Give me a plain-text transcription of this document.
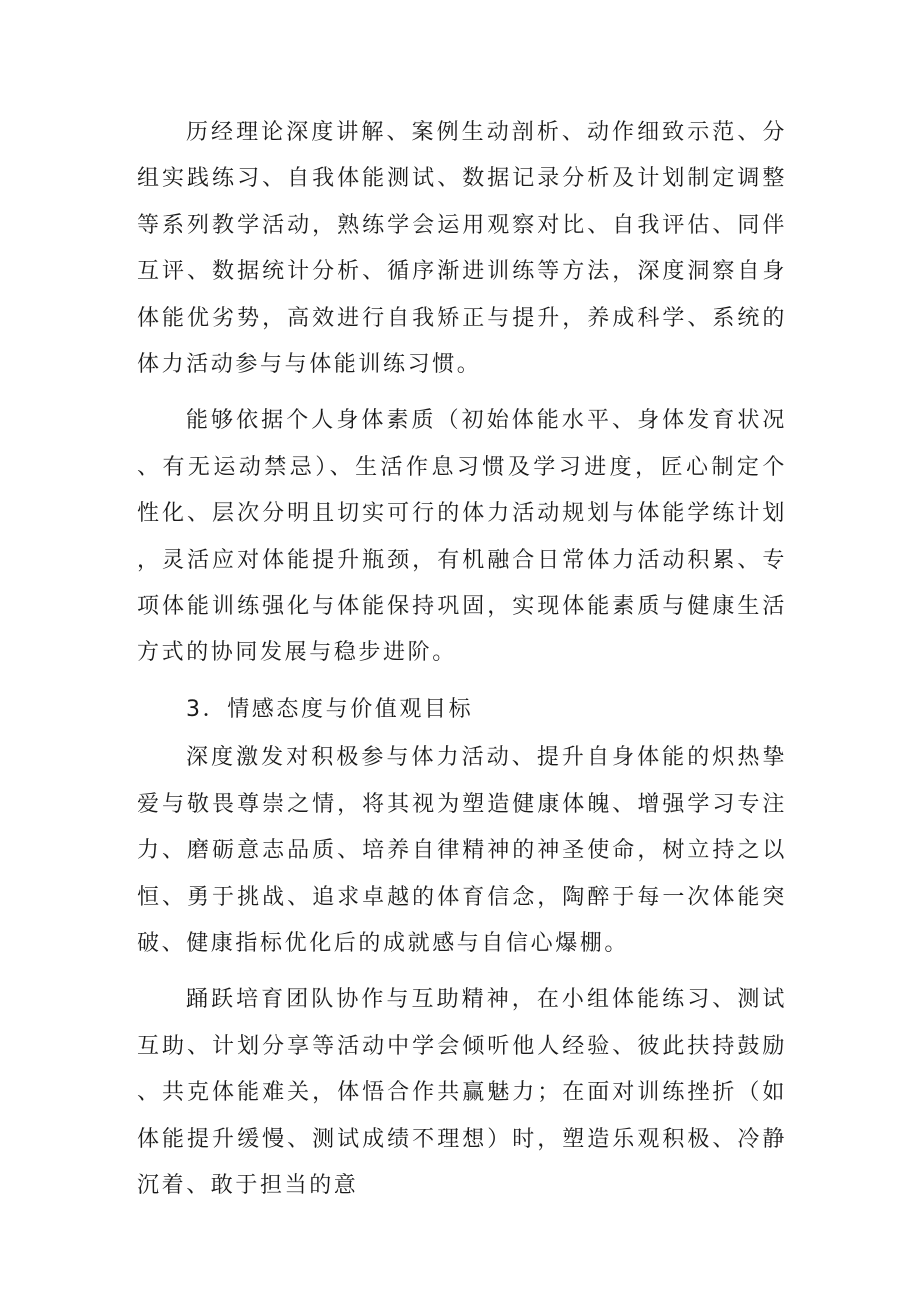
历经理论深度讲解、案例生动剖析、动作细致示范、分组实践练习、自我体能测试、数据记录分析及计划制定调整等系列教学活动，熟练学会运用观察对比、自我评估、同伴互评、数据统计分析、循序渐进训练等方法，深度洞察自身体能优劣势，高效进行自我矫正与提升，养成科学、系统的体力活动参与与体能训练习惯。

能够依据个人身体素质（初始体能水平、身体发育状况、有无运动禁忌）、生活作息习惯及学习进度，匠心制定个性化、层次分明且切实可行的体力活动规划与体能学练计划，灵活应对体能提升瓶颈，有机融合日常体力活动积累、专项体能训练强化与体能保持巩固，实现体能素质与健康生活方式的协同发展与稳步进阶。

3．情感态度与价值观目标

深度激发对积极参与体力活动、提升自身体能的炽热挚爱与敬畏尊崇之情，将其视为塑造健康体魄、增强学习专注力、磨砺意志品质、培养自律精神的神圣使命，树立持之以恒、勇于挑战、追求卓越的体育信念，陶醉于每一次体能突破、健康指标优化后的成就感与自信心爆棚。

踊跃培育团队协作与互助精神，在小组体能练习、测试互助、计划分享等活动中学会倾听他人经验、彼此扶持鼓励、共克体能难关，体悟合作共赢魅力；在面对训练挫折（如体能提升缓慢、测试成绩不理想）时，塑造乐观积极、冷静沉着、敢于担当的意
